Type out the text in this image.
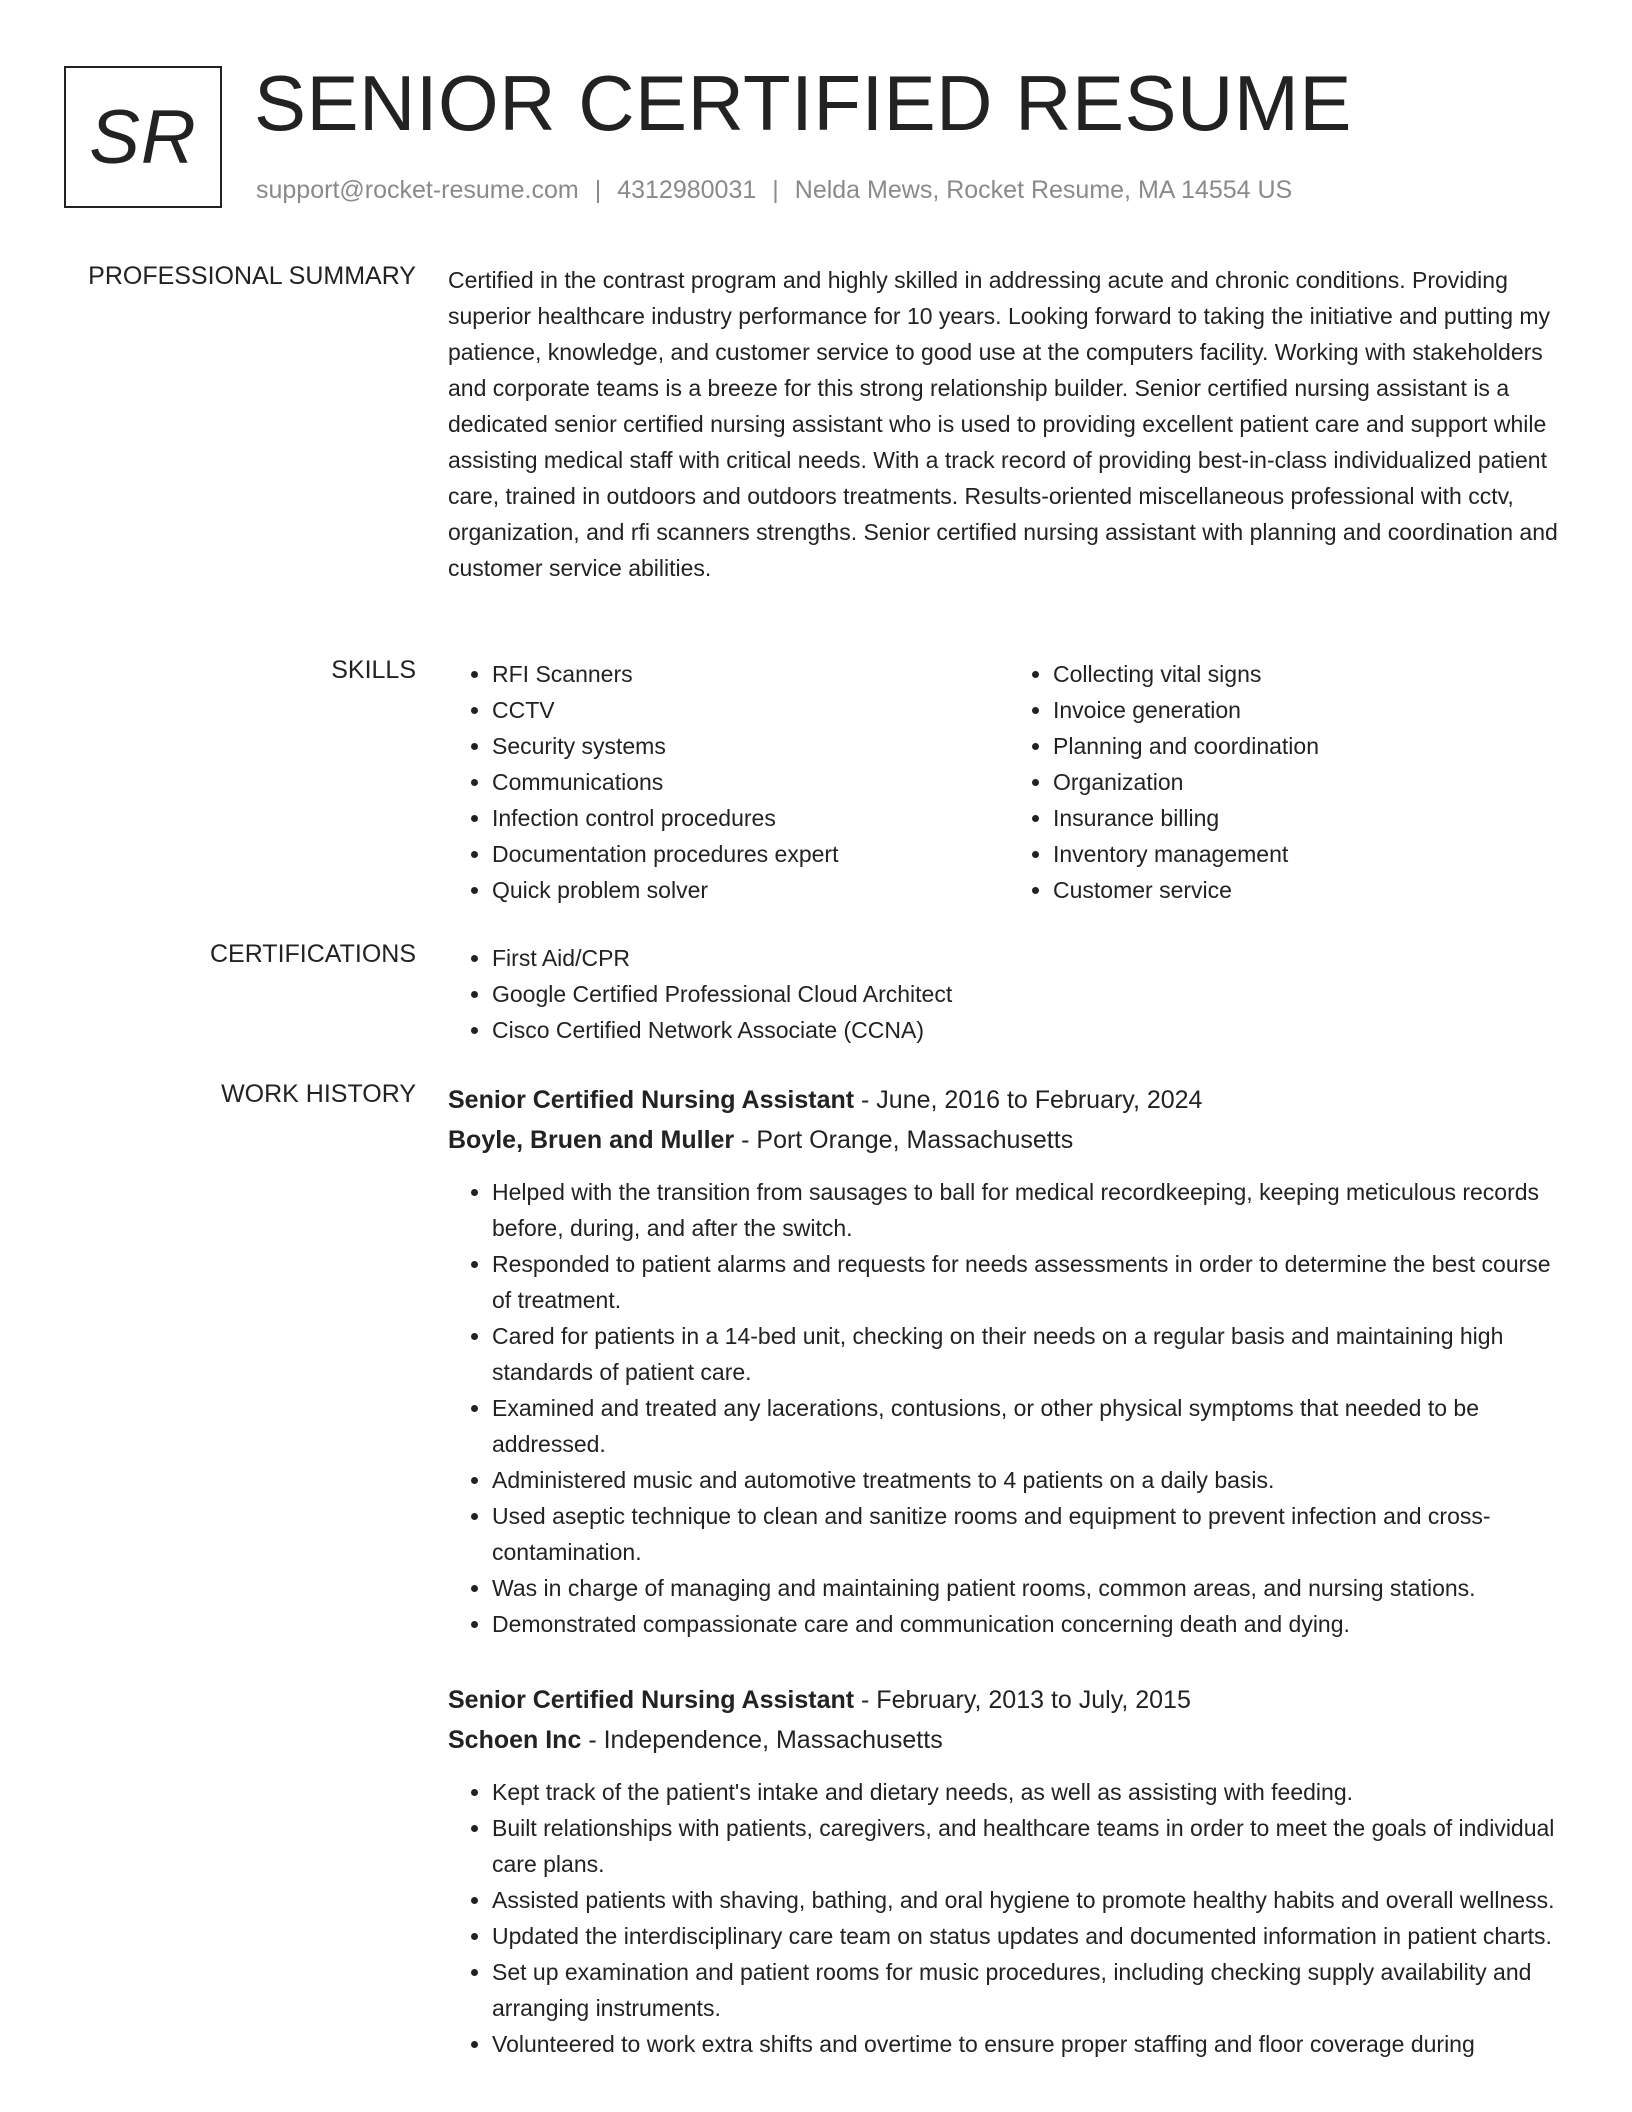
SR SENIOR CERTIFIED RESUME
support@rocket-resume.com | 4312980031 | Nelda Mews, Rocket Resume, MA 14554 US
PROFESSIONAL SUMMARY Certified in the contrast program and highly skilled in addressing acute and chronic conditions. Providing superior healthcare industry performance for 10 years. Looking forward to taking the initiative and putting my patience, knowledge, and customer service to good use at the computers facility. Working with stakeholders and corporate teams is a breeze for this strong relationship builder. Senior certified nursing assistant is a dedicated senior certified nursing assistant who is used to providing excellent patient care and support while assisting medical staff with critical needs. With a track record of providing best-in-class individualized patient care, trained in outdoors and outdoors treatments. Results-oriented miscellaneous professional with cctv, organization, and rfi scanners strengths. Senior certified nursing assistant with planning and coordination and customer service abilities.

SKILLS	• RFI Scanners
• CCTV
• Security systems
• Communications
• Infection control procedures
• Documentation procedures expert
• Quick problem solver
• Collecting vital signs
• Invoice generation
• Planning and coordination
• Organization
• Insurance billing
• Inventory management
• Customer service
CERTIFICATIONS	• First Aid/CPR
• Google Certified Professional Cloud Architect
• Cisco Certified Network Associate (CCNA)
WORK HISTORY Senior Certified Nursing Assistant - June, 2016 to February, 2024
Boyle, Bruen and Muller - Port Orange, Massachusetts
• Helped with the transition from sausages to ball for medical recordkeeping, keeping meticulous records before, during, and after the switch.
• Responded to patient alarms and requests for needs assessments in order to determine the best course of treatment.
• Cared for patients in a 14-bed unit, checking on their needs on a regular basis and maintaining high standards of patient care.
• Examined and treated any lacerations, contusions, or other physical symptoms that needed to be addressed.
• Administered music and automotive treatments to 4 patients on a daily basis.
• Used aseptic technique to clean and sanitize rooms and equipment to prevent infection and cross-contamination.
• Was in charge of managing and maintaining patient rooms, common areas, and nursing stations.
• Demonstrated compassionate care and communication concerning death and dying.
Senior Certified Nursing Assistant - February, 2013 to July, 2015
Schoen Inc - Independence, Massachusetts
• Kept track of the patient's intake and dietary needs, as well as assisting with feeding.
• Built relationships with patients, caregivers, and healthcare teams in order to meet the goals of individual care plans.
• Assisted patients with shaving, bathing, and oral hygiene to promote healthy habits and overall wellness.
• Updated the interdisciplinary care team on status updates and documented information in patient charts.
• Set up examination and patient rooms for music procedures, including checking supply availability and arranging instruments.
• Volunteered to work extra shifts and overtime to ensure proper staffing and floor coverage during
